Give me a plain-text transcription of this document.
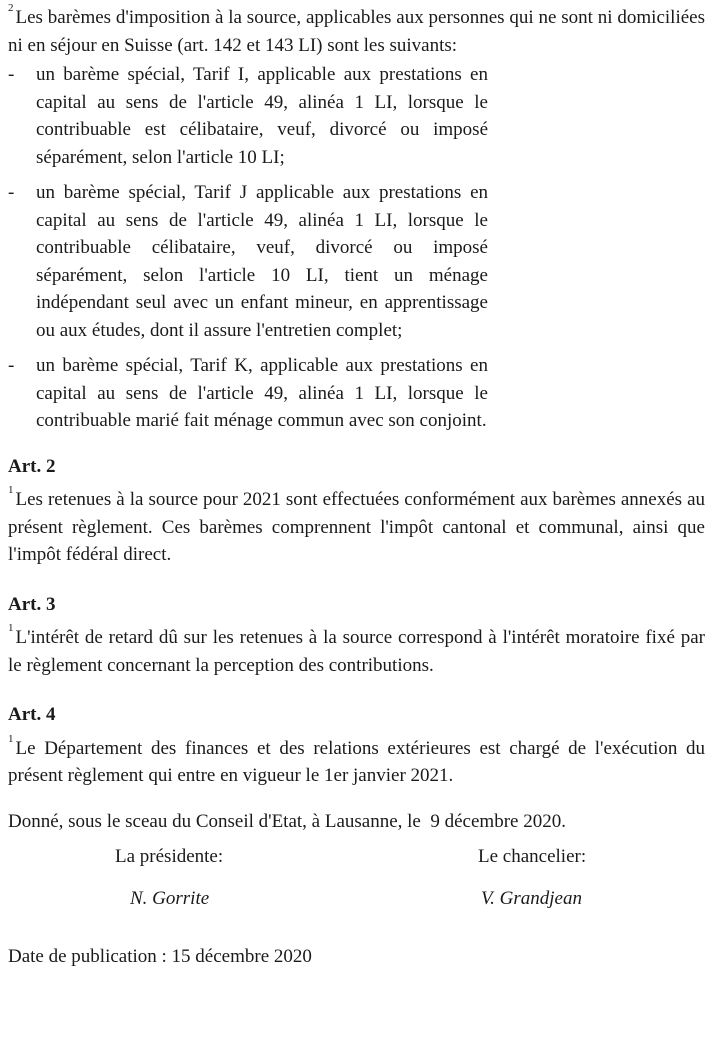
$^2$ Les barèmes d'imposition à la source, applicables aux personnes qui ne sont ni domiciliées ni en séjour en Suisse (art. 142 et 143 LI) sont les suivants:

-	un barème spécial, Tarif I, applicable aux prestations en capital au sens de l'article 49, alinéa 1 LI, lorsque le contribuable est célibataire, veuf, divorcé ou imposé séparément, selon l'article 10 LI;
-	un barème spécial, Tarif J applicable aux prestations en capital au sens de l'article 49, alinéa 1 LI, lorsque le contribuable célibataire, veuf, divorcé ou imposé séparément, selon l'article 10 LI, tient un ménage indépendant seul avec un enfant mineur, en apprentissage ou aux études, dont il assure l'entretien complet;
-	un barème spécial, Tarif K, applicable aux prestations en capital au sens de l'article 49, alinéa 1 LI, lorsque le contribuable marié fait ménage commun avec son conjoint.

Art. 2

$^1$ Les retenues à la source pour 2021 sont effectuées conformément aux barèmes annexés au présent règlement. Ces barèmes comprennent l'impôt cantonal et communal, ainsi que l'impôt fédéral direct.

Art. 3

$^1$ L'intérêt de retard dû sur les retenues à la source correspond à l'intérêt moratoire fixé par le règlement concernant la perception des contributions.

Art. 4

$^1$ Le Département des finances et des relations extérieures est chargé de l'exécution du présent règlement qui entre en vigueur le 1er janvier 2021.

Donné, sous le sceau du Conseil d'Etat, à Lausanne, le  9 décembre 2020.

La présidente:	Le chancelier:
N. Gorrite	V. Grandjean

Date de publication : 15 décembre 2020
